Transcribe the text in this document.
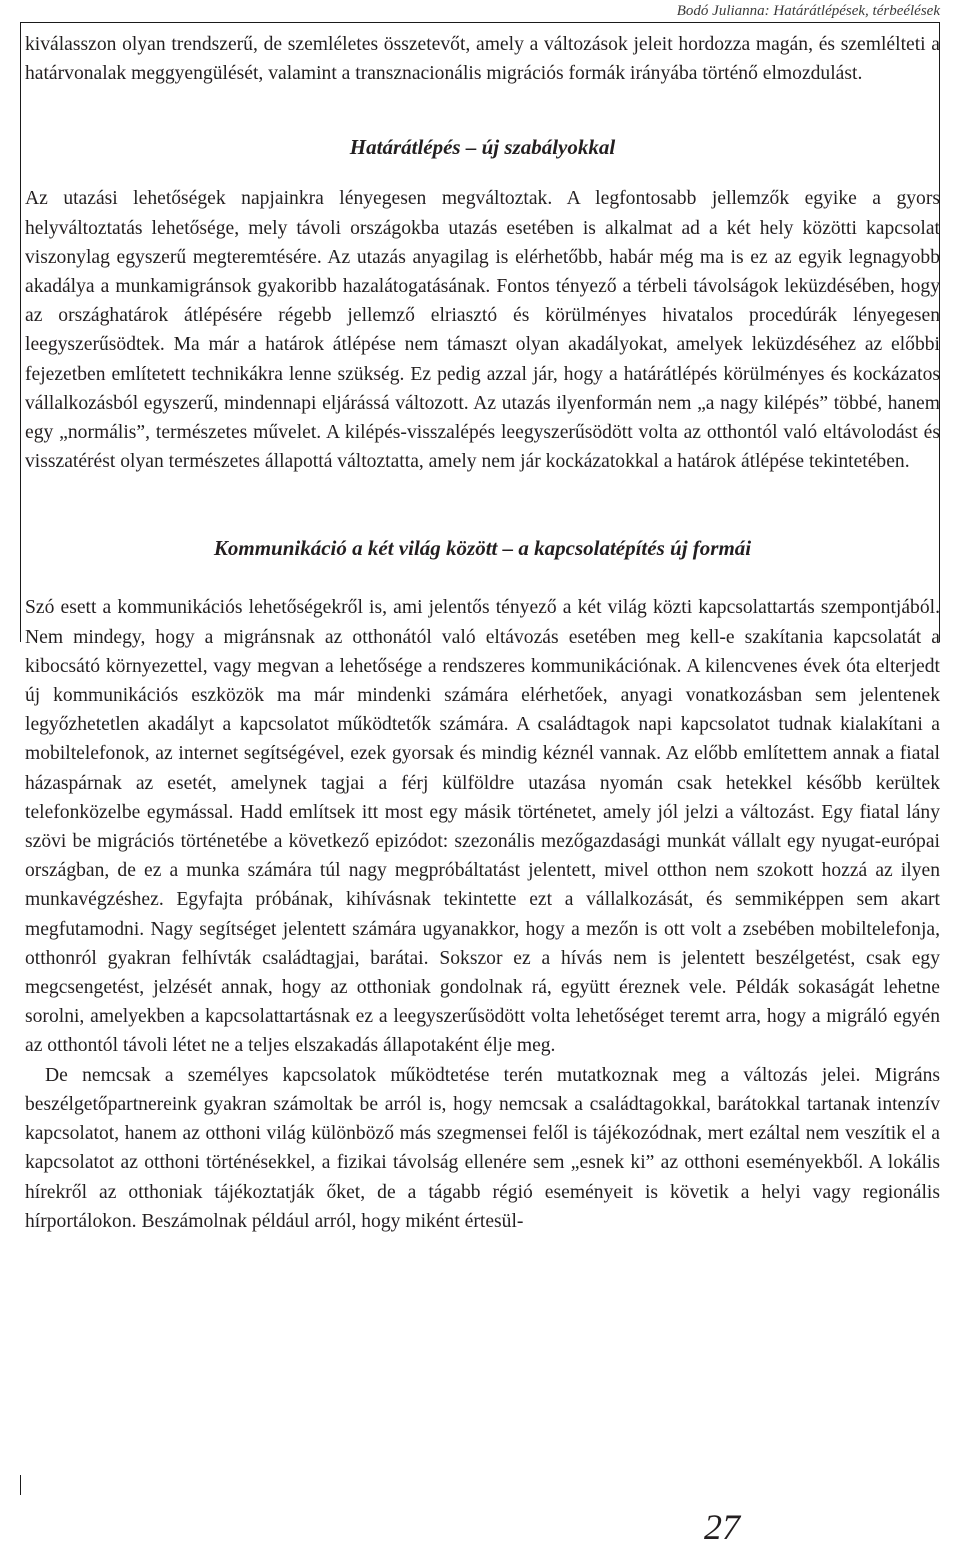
Bodó Julianna: Határátlépések, térbeélések

kiválasszon olyan trendszerű, de szemléletes összetevőt, amely a változások jeleit hordozza magán, és szemlélteti a határvonalak meggyengülését, valamint a transznacionális migrációs formák irányába történő elmozdulást.

Határátlépés – új szabályokkal

Az utazási lehetőségek napjainkra lényegesen megváltoztak. A legfontosabb jellemzők egyike a gyors helyváltoztatás lehetősége, mely távoli országokba utazás esetében is alkalmat ad a két hely közötti kapcsolat viszonylag egyszerű megteremtésére. Az utazás anyagilag is elérhetőbb, habár még ma is ez az egyik legnagyobb akadálya a munkamigránsok gyakoribb hazalátogatásának. Fontos tényező a térbeli távolságok leküzdésében, hogy az országhatárok átlépésére régebb jellemző elriasztó és körülményes hivatalos procedúrák lényegesen leegyszerűsödtek. Ma már a határok átlépése nem támaszt olyan akadályokat, amelyek leküzdéséhez az előbbi fejezetben említetett technikákra lenne szükség. Ez pedig azzal jár, hogy a határátlépés körülményes és kockázatos vállalkozásból egyszerű, mindennapi eljárássá változott. Az utazás ilyenformán nem „a nagy kilépés” többé, hanem egy „normális”, természetes művelet. A kilépés-visszalépés leegyszerűsödött volta az otthontól való eltávolodást és visszatérést olyan természetes állapottá változtatta, amely nem jár kockázatokkal a határok átlépése tekintetében.

Kommunikáció a két világ között – a kapcsolatépítés új formái

Szó esett a kommunikációs lehetőségekről is, ami jelentős tényező a két világ közti kapcsolattartás szempontjából. Nem mindegy, hogy a migránsnak az otthonától való eltávozás esetében meg kell-e szakítania kapcsolatát a kibocsátó környezettel, vagy megvan a lehetősége a rendszeres kommunikációnak. A kilencvenes évek óta elterjedt új kommunikációs eszközök ma már mindenki számára elérhetőek, anyagi vonatkozásban sem jelentenek legyőzhetetlen akadályt a kapcsolatot működtetők számára. A családtagok napi kapcsolatot tudnak kialakítani a mobiltelefonok, az internet segítségével, ezek gyorsak és mindig kéznél vannak. Az előbb említettem annak a fiatal házaspárnak az esetét, amelynek tagjai a férj külföldre utazása nyomán csak hetekkel később kerültek telefonközelbe egymással. Hadd említsek itt most egy másik történetet, amely jól jelzi a változást. Egy fiatal lány szövi be migrációs történetébe a következő epizódot: szezonális mezőgazdasági munkát vállalt egy nyugat-európai országban, de ez a munka számára túl nagy megpróbáltatást jelentett, mivel otthon nem szokott hozzá az ilyen munkavégzéshez. Egyfajta próbának, kihívásnak tekintette ezt a vállalkozását, és semmiképpen sem akart megfutamodni. Nagy segítséget jelentett számára ugyanakkor, hogy a mezőn is ott volt a zsebében mobiltelefonja, otthonról gyakran felhívták családtagjai, barátai. Sokszor ez a hívás nem is jelentett beszélgetést, csak egy megcsengetést, jelzését annak, hogy az otthoniak gondolnak rá, együtt éreznek vele. Példák sokaságát lehetne sorolni, amelyekben a kapcsolattartásnak ez a leegyszerűsödött volta lehetőséget teremt arra, hogy a migráló egyén az otthontól távoli létet ne a teljes elszakadás állapotaként élje meg.

De nemcsak a személyes kapcsolatok működtetése terén mutatkoznak meg a változás jelei. Migráns beszélgetőpartnereink gyakran számoltak be arról is, hogy nemcsak a családtagokkal, barátokkal tartanak intenzív kapcsolatot, hanem az otthoni világ különböző más szegmensei felől is tájékozódnak, mert ezáltal nem veszítik el a kapcsolatot az otthoni történésekkel, a fizikai távolság ellenére sem „esnek ki” az otthoni eseményekből. A lokális hírekről az otthoniak tájékoztatják őket, de a tágabb régió eseményeit is követik a helyi vagy regionális hírportálokon. Beszámolnak például arról, hogy miként értesül-

27
